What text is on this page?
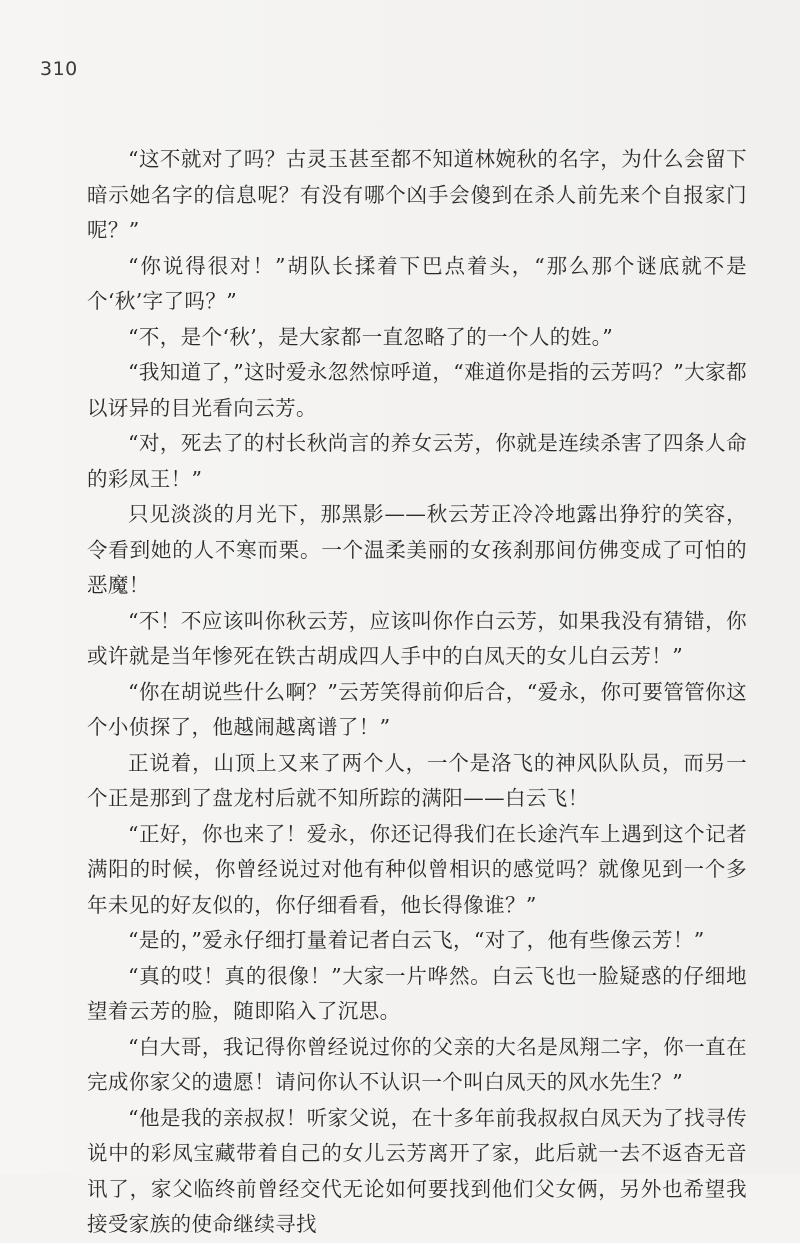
310

“这不就对了吗？古灵玉甚至都不知道林婉秋的名字，为什么会留下暗示她名字的信息呢？有没有哪个凶手会傻到在杀人前先来个自报家门呢？”

“你说得很对！”胡队长揉着下巴点着头，“那么那个谜底就不是个‘秋’字了吗？”

“不，是个‘秋’，是大家都一直忽略了的一个人的姓。”

“我知道了，”这时爱永忽然惊呼道，“难道你是指的云芳吗？”大家都以讶异的目光看向云芳。

“对，死去了的村长秋尚言的养女云芳，你就是连续杀害了四条人命的彩凤王！”

只见淡淡的月光下，那黑影——秋云芳正冷冷地露出狰狞的笑容，令看到她的人不寒而栗。一个温柔美丽的女孩刹那间仿佛变成了可怕的恶魔！

“不！不应该叫你秋云芳，应该叫你作白云芳，如果我没有猜错，你或许就是当年惨死在铁古胡成四人手中的白凤天的女儿白云芳！”

“你在胡说些什么啊？”云芳笑得前仰后合，“爱永，你可要管管你这个小侦探了，他越闹越离谱了！”

正说着，山顶上又来了两个人，一个是洛飞的神风队队员，而另一个正是那到了盘龙村后就不知所踪的满阳——白云飞！

“正好，你也来了！爱永，你还记得我们在长途汽车上遇到这个记者满阳的时候，你曾经说过对他有种似曾相识的感觉吗？就像见到一个多年未见的好友似的，你仔细看看，他长得像谁？”

“是的，”爱永仔细打量着记者白云飞，“对了，他有些像云芳！”

“真的哎！真的很像！”大家一片哗然。白云飞也一脸疑惑的仔细地望着云芳的脸，随即陷入了沉思。

“白大哥，我记得你曾经说过你的父亲的大名是凤翔二字，你一直在完成你家父的遗愿！请问你认不认识一个叫白凤天的风水先生？”

“他是我的亲叔叔！听家父说，在十多年前我叔叔白凤天为了找寻传说中的彩凤宝藏带着自己的女儿云芳离开了家，此后就一去不返杳无音讯了，家父临终前曾经交代无论如何要找到他们父女俩，另外也希望我接受家族的使命继续寻找
